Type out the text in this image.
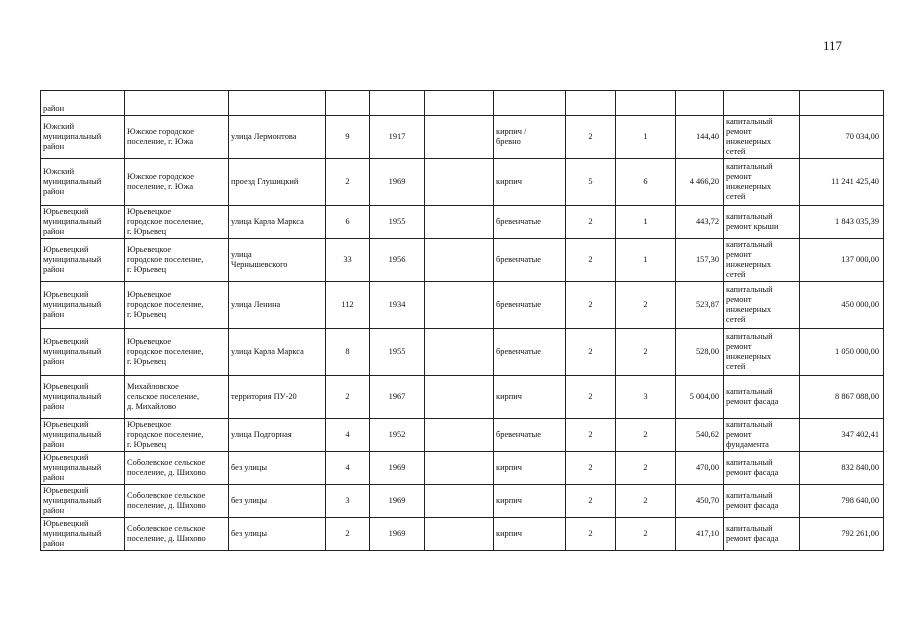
117
район											
Южский
муниципальный
район	Южское городское
поселение, г. Южа	улица Лермонтова	9	1917		кирпич /
бревно	2	1	144,40	капитальный
ремонт
инженерных
сетей	70 034,00
Южский
муниципальный
район	Южское городское
поселение, г. Южа	проезд Глушицкий	2	1969		кирпич	5	6	4 466,20	капитальный
ремонт
инженерных
сетей	11 241 425,40
Юрьевецкий
муниципальный
район	Юрьевецкое
городское поселение,
г. Юрьевец	улица Карла Маркса	6	1955		бревенчатые	2	1	443,72	капитальный
ремонт крыши	1 843 035,39
Юрьевецкий
муниципальный
район	Юрьевецкое
городское поселение,
г. Юрьевец	улица
Чернышевского	33	1956		бревенчатые	2	1	157,30	капитальный
ремонт
инженерных
сетей	137 000,00
Юрьевецкий
муниципальный
район	Юрьевецкое
городское поселение,
г. Юрьевец	улица Ленина	112	1934		бревенчатые	2	2	523,87	капитальный
ремонт
инженерных
сетей	450 000,00
Юрьевецкий
муниципальный
район	Юрьевецкое
городское поселение,
г. Юрьевец	улица Карла Маркса	8	1955		бревенчатые	2	2	528,00	капитальный
ремонт
инженерных
сетей	1 050 000,00
Юрьевецкий
муниципальный
район	Михайловское
сельское поселение,
д. Михайлово	территория ПУ-20	2	1967		кирпич	2	3	5 004,00	капитальный
ремонт фасада	8 867 088,00
Юрьевецкий
муниципальный
район	Юрьевецкое
городское поселение,
г. Юрьевец	улица Подгорная	4	1952		бревенчатые	2	2	540,62	капитальный
ремонт
фундамента	347 402,41
Юрьевецкий
муниципальный
район	Соболевское сельское
поселение, д. Шихово	без улицы	4	1969		кирпич	2	2	470,00	капитальный
ремонт фасада	832 840,00
Юрьевецкий
муниципальный
район	Соболевское сельское
поселение, д. Шихово	без улицы	3	1969		кирпич	2	2	450,70	капитальный
ремонт фасада	798 640,00
Юрьевецкий
муниципальный
район	Соболевское сельское
поселение, д. Шихово	без улицы	2	1969		кирпич	2	2	417,10	капитальный
ремонт фасада	792 261,00
